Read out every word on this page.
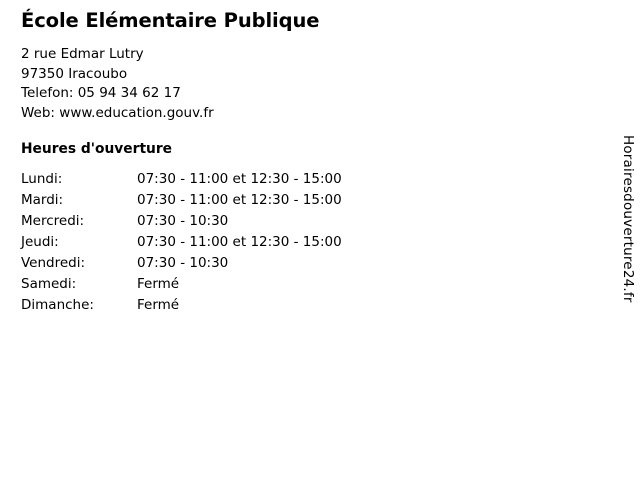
École Elémentaire Publique
2 rue Edmar Lutry
97350 Iracoubo
Telefon: 05 94 34 62 17
Web: www.education.gouv.fr
Heures d'ouverture
Lundi:	07:30 - 11:00 et 12:30 - 15:00
Mardi:	07:30 - 11:00 et 12:30 - 15:00
Mercredi:	07:30 - 10:30
Jeudi:	07:30 - 11:00 et 12:30 - 15:00
Vendredi:	07:30 - 10:30
Samedi:	Fermé
Dimanche:	Fermé
Horairesdouverture24.fr
